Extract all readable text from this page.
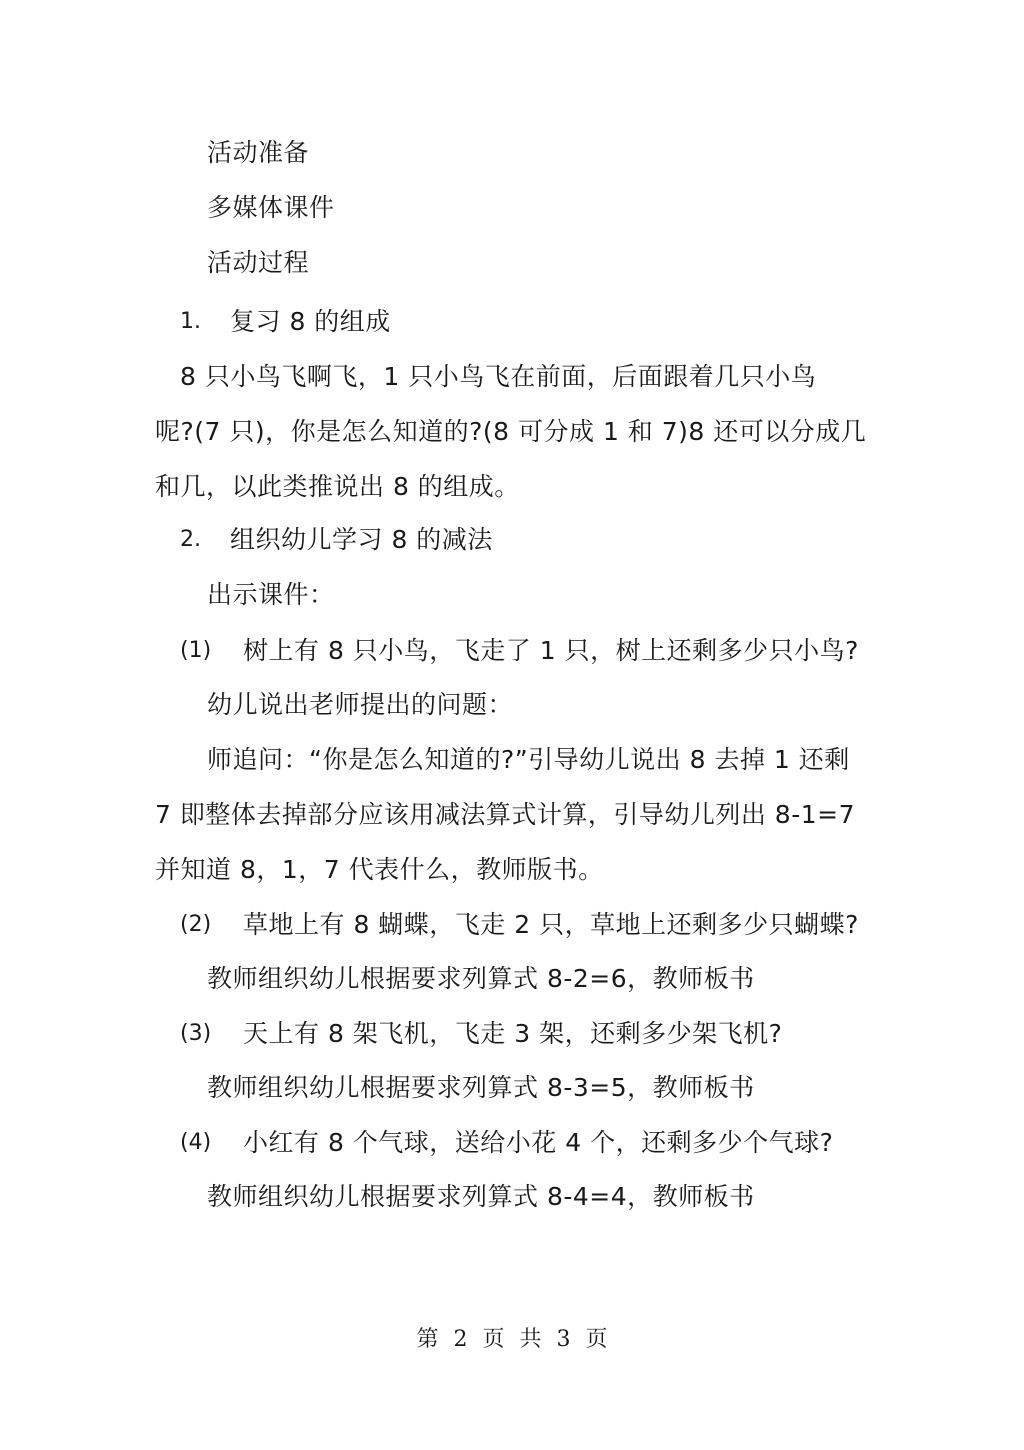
活动准备
多媒体课件
活动过程
1. 复习 8 的组成
8 只小鸟飞啊飞，1 只小鸟飞在前面，后面跟着几只小鸟
呢?(7 只)，你是怎么知道的?(8 可分成 1 和 7)8 还可以分成几
和几，以此类推说出 8 的组成。
2. 组织幼儿学习 8 的减法
出示课件：
(1) 树上有 8 只小鸟，飞走了 1 只，树上还剩多少只小鸟?
幼儿说出老师提出的问题：
师追问：“你是怎么知道的?”引导幼儿说出 8 去掉 1 还剩
7 即整体去掉部分应该用减法算式计算，引导幼儿列出 8-1=7
并知道 8，1，7 代表什么，教师版书。
(2) 草地上有 8 蝴蝶，飞走 2 只，草地上还剩多少只蝴蝶?
教师组织幼儿根据要求列算式 8-2=6，教师板书
(3) 天上有 8 架飞机，飞走 3 架，还剩多少架飞机?
教师组织幼儿根据要求列算式 8-3=5，教师板书
(4) 小红有 8 个气球，送给小花 4 个，还剩多少个气球?
教师组织幼儿根据要求列算式 8-4=4，教师板书
第 2 页 共 3 页
